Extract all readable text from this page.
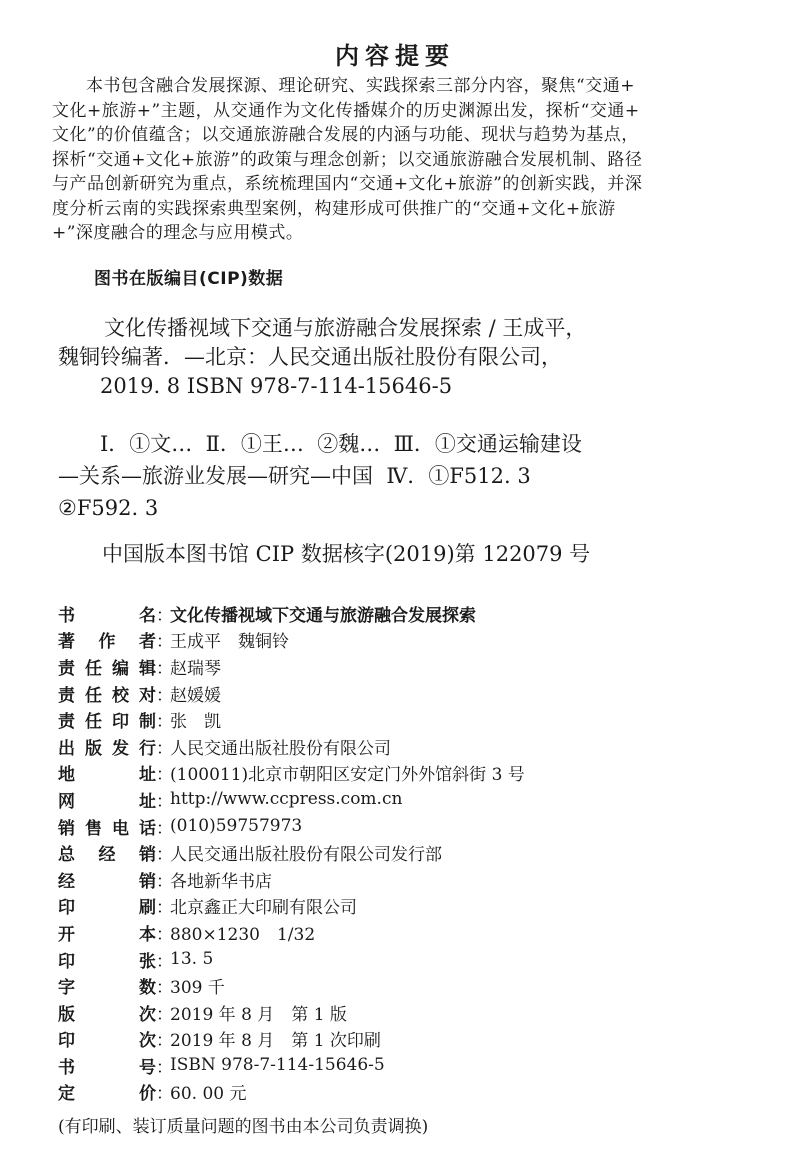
内容提要
本书包含融合发展探源、理论研究、实践探索三部分内容，聚焦“交通+
文化+旅游+”主题，从交通作为文化传播媒介的历史渊源出发，探析“交通+
文化”的价值蕴含；以交通旅游融合发展的内涵与功能、现状与趋势为基点，
探析“交通+文化+旅游”的政策与理念创新；以交通旅游融合发展机制、路径
与产品创新研究为重点，系统梳理国内“交通+文化+旅游”的创新实践，并深
度分析云南的实践探索典型案例，构建形成可供推广的“交通+文化+旅游
+”深度融合的理念与应用模式。
图书在版编目(CIP)数据
文化传播视域下交通与旅游融合发展探索 / 王成平，
魏铜铃编著．—北京：人民交通出版社股份有限公司，
2019. 8 ISBN 978-7-114-15646-5
Ⅰ．①文…  Ⅱ．①王…  ②魏…  Ⅲ．①交通运输建设
—关系—旅游业发展—研究—中国  Ⅳ．①F512. 3
②F592. 3
中国版本图书馆 CIP 数据核字(2019)第 122079 号
书	名 ：
文化传播视域下交通与旅游融合发展探索
著 作 者 ：
王成平　魏铜铃
责 任 编 辑 ：
赵瑞琴
责 任 校 对 ：
赵媛媛
责 任 印 制 ：
张　凯
出 版 发 行 ：
人民交通出版社股份有限公司
地	址 ：
(100011)北京市朝阳区安定门外外馆斜街 3 号
网	址 ：
http://www.ccpress.com.cn
销 售 电 话 ：
(010)59757973
总 经 销 ：
人民交通出版社股份有限公司发行部
经	销 ：
各地新华书店
印	刷 ：
北京鑫正大印刷有限公司
开	本 ：
880×1230　1/32
印	张 ：
13. 5
字	数 ：
309 千
版	次 ：
2019 年 8 月　第 1 版
印	次 ：
2019 年 8 月　第 1 次印刷
书	号 ：
ISBN 978-7-114-15646-5
定	价 ：
60. 00 元
(有印刷、装订质量问题的图书由本公司负责调换)
